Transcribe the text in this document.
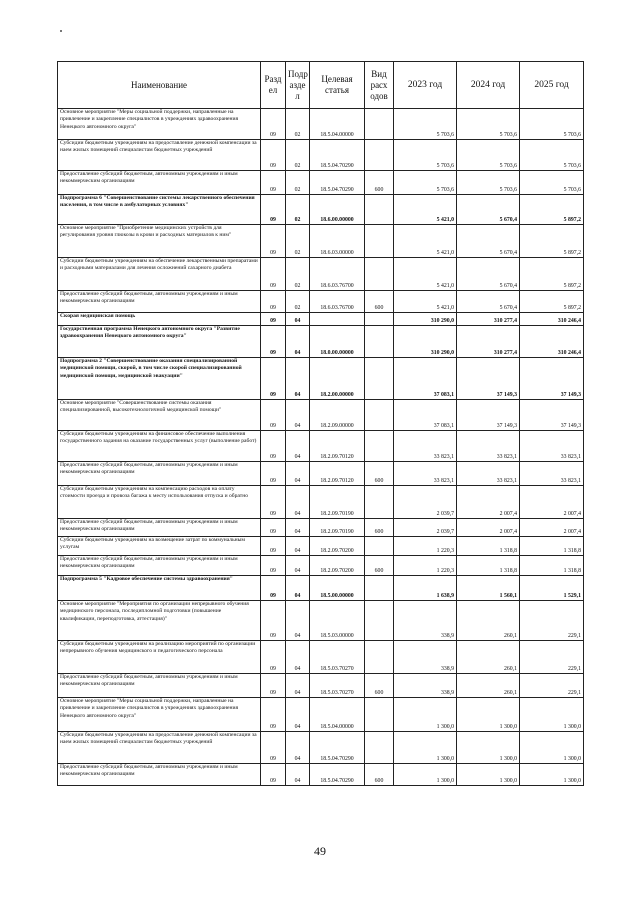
Наименование	Разд ел	Подр азде л	Целевая статья	Вид расх одов	2023 год	2024 год	2025 год
Основное мероприятие "Меры социальной поддержки, направленные на привлечение и закрепление специалистов в учреждениях здравоохранения Ненецкого автономного округа"	09	02	18.5.04.00000		5 703,6	5 703,6	5 703,6
Субсидии бюджетным учреждениям на предоставление денежной компенсации за наем жилых помещений специалистам бюджетных учреждений	09	02	18.5.04.70290		5 703,6	5 703,6	5 703,6
Предоставление субсидий бюджетным, автономным учреждениям и иным некоммерческим организациям	09	02	18.5.04.70290	600	5 703,6	5 703,6	5 703,6
Подпрограмма 6 "Совершенствование системы лекарственного обеспечения населения, в том числе в амбулаторных условиях"	09	02	18.6.00.00000		5 421,0	5 670,4	5 897,2
Основное мероприятие "Приобретение медицинских устройств для регулирования уровня глюкозы в крови и расходных материалов к ним"	09	02	18.6.03.00000		5 421,0	5 670,4	5 897,2
Субсидии бюджетным учреждениям на обеспечение лекарственными препаратами и расходными материалами для лечения осложнений сахарного диабета	09	02	18.6.03.76700		5 421,0	5 670,4	5 897,2
Предоставление субсидий бюджетным, автономным учреждениям и иным некоммерческим организациям	09	02	18.6.03.76700	600	5 421,0	5 670,4	5 897,2
Скорая медицинская помощь	09	04			310 290,0	310 277,4	310 246,4
Государственная программа Ненецкого автономного округа "Развитие здравоохранения Ненецкого автономного округа"	09	04	18.0.00.00000		310 290,0	310 277,4	310 246,4
Подпрограмма 2 "Совершенствование оказания специализированной медицинской помощи, скорой, в том числе скорой специализированной медицинской помощи, медицинской эвакуации"	09	04	18.2.00.00000		37 083,1	37 149,3	37 149,3
Основное мероприятие "Совершенствование системы оказания специализированной, высокотехнологичной медицинской помощи"	09	04	18.2.09.00000		37 083,1	37 149,3	37 149,3
Субсидии бюджетным учреждениям на финансовое обеспечение выполнения государственного задания на оказание государственных услуг (выполнение работ)	09	04	18.2.09.70120		33 823,1	33 823,1	33 823,1
Предоставление субсидий бюджетным, автономным учреждениям и иным некоммерческим организациям	09	04	18.2.09.70120	600	33 823,1	33 823,1	33 823,1
Субсидии бюджетным учреждениям на компенсацию расходов на оплату стоимости проезда и провоза багажа к месту использования отпуска и обратно	09	04	18.2.09.70190		2 039,7	2 007,4	2 007,4
Предоставление субсидий бюджетным, автономным учреждениям и иным некоммерческим организациям	09	04	18.2.09.70190	600	2 039,7	2 007,4	2 007,4
Субсидии бюджетным учреждениям на возмещение затрат по коммунальным услугам	09	04	18.2.09.70200		1 220,3	1 318,8	1 318,8
Предоставление субсидий бюджетным, автономным учреждениям и иным некоммерческим организациям	09	04	18.2.09.70200	600	1 220,3	1 318,8	1 318,8
Подпрограмма 5 "Кадровое обеспечение системы здравоохранения"	09	04	18.5.00.00000		1 638,9	1 560,1	1 529,1
Основное мероприятие "Мероприятия по организации непрерывного обучения медицинского персонала, последипломной подготовки (повышение квалификации, переподготовка, аттестация)"	09	04	18.5.03.00000		338,9	260,1	229,1
Субсидии бюджетным учреждениям на реализацию мероприятий по организации непрерывного обучения медицинского и педагогического персонала	09	04	18.5.03.70270		338,9	260,1	229,1
Предоставление субсидий бюджетным, автономным учреждениям и иным некоммерческим организациям	09	04	18.5.03.70270	600	338,9	260,1	229,1
Основное мероприятие "Меры социальной поддержки, направленные на привлечение и закрепление специалистов в учреждениях здравоохранения Ненецкого автономного округа"	09	04	18.5.04.00000		1 300,0	1 300,0	1 300,0
Субсидии бюджетным учреждениям на предоставление денежной компенсации за наем жилых помещений специалистам бюджетных учреждений	09	04	18.5.04.70290		1 300,0	1 300,0	1 300,0
Предоставление субсидий бюджетным, автономным учреждениям и иным некоммерческим организациям	09	04	18.5.04.70290	600	1 300,0	1 300,0	1 300,0
49
